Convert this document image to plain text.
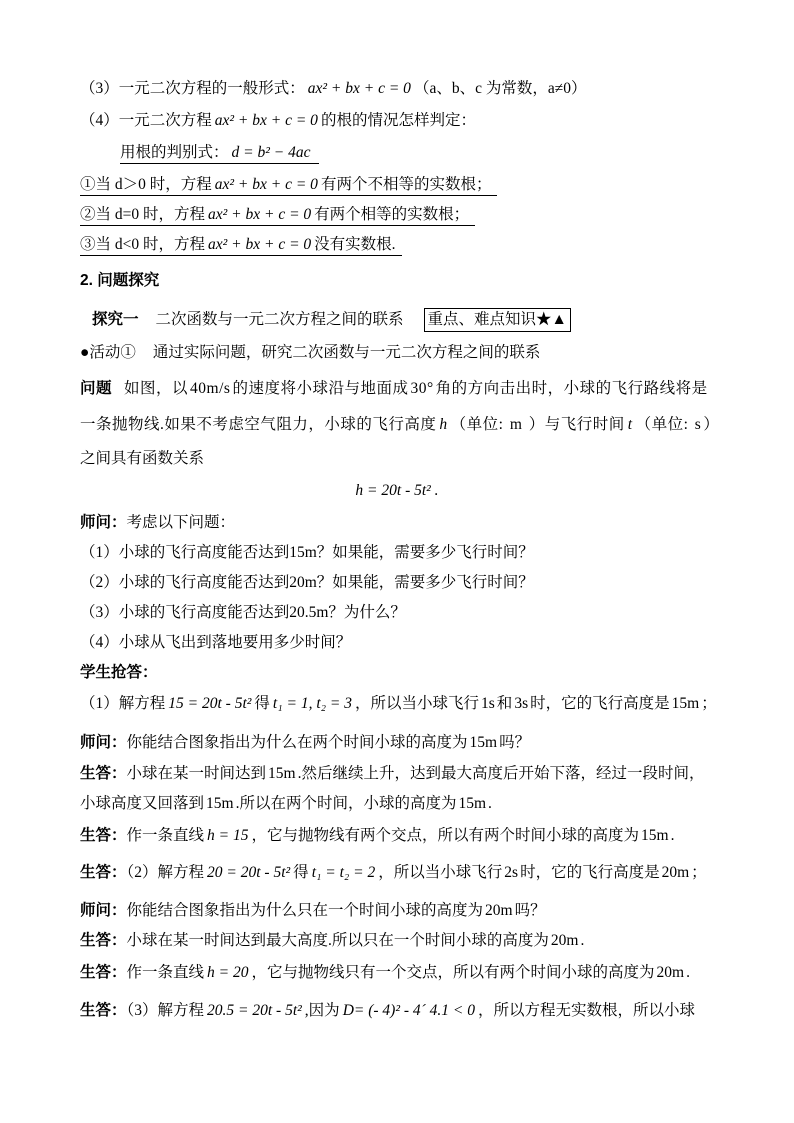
（3）一元二次方程的一般形式： ax² + bx + c = 0 （a、b、c 为常数，a≠0）
（4）一元二次方程 ax² + bx + c = 0 的根的情况怎样判定：
用根的判别式： d = b² − 4ac
①当 d＞0 时，方程 ax² + bx + c = 0 有两个不相等的实数根；
②当 d=0 时，方程 ax² + bx + c = 0 有两个相等的实数根；
③当 d<0 时，方程 ax² + bx + c = 0 没有实数根.
2. 问题探究
探究一 二次函数与一元二次方程之间的联系 重点、难点知识★▲
●活动① 通过实际问题，研究二次函数与一元二次方程之间的联系
问题 如图，以 40m/s 的速度将小球沿与地面成 30° 角的方向击出时，小球的飞行路线将是
一条抛物线.如果不考虑空气阻力，小球的飞行高度 h （单位: m ）与飞行时间 t （单位: s ）
之间具有函数关系
h = 20t - 5t² .
师问：考虑以下问题：
（1）小球的飞行高度能否达到15m？如果能，需要多少飞行时间？
（2）小球的飞行高度能否达到20m？如果能，需要多少飞行时间？
（3）小球的飞行高度能否达到20.5m？为什么？
（4）小球从飞出到落地要用多少时间？
学生抢答：
（1）解方程 15 = 20t - 5t² 得 t₁ = 1, t₂ = 3 ，所以当小球飞行 1s 和 3s 时，它的飞行高度是 15m ；
师问：你能结合图象指出为什么在两个时间小球的高度为 15m 吗？
生答：小球在某一时间达到 15m .然后继续上升，达到最大高度后开始下落，经过一段时间，
小球高度又回落到 15m .所以在两个时间，小球的高度为 15m .
生答：作一条直线 h = 15 ，它与抛物线有两个交点，所以有两个时间小球的高度为 15m .
生答：（2）解方程 20 = 20t - 5t² 得 t₁ = t₂ = 2 ，所以当小球飞行 2s 时，它的飞行高度是 20m ；
师问：你能结合图象指出为什么只在一个时间小球的高度为 20m 吗？
生答：小球在某一时间达到最大高度.所以只在一个时间小球的高度为 20m .
生答：作一条直线 h = 20 ，它与抛物线只有一个交点，所以有两个时间小球的高度为 20m .
生答：（3）解方程 20.5 = 20t - 5t² ,因为 D= (- 4)² - 4´ 4.1 < 0 ，所以方程无实数根，所以小球
